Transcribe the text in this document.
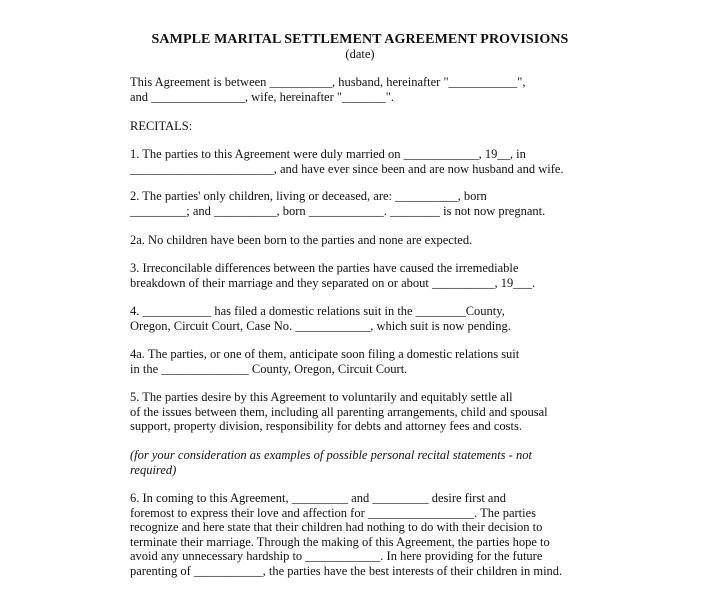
SAMPLE MARITAL SETTLEMENT AGREEMENT PROVISIONS
(date)
This Agreement is between __________, husband, hereinafter "___________",
and _______________, wife, hereinafter "_______".
RECITALS:
1. The parties to this Agreement were duly married on ____________, 19__, in
_______________________, and have ever since been and are now husband and wife.
2. The parties' only children, living or deceased, are: __________, born
_________; and __________, born ____________. ________ is not now pregnant.
2a. No children have been born to the parties and none are expected.
3. Irreconcilable differences between the parties have caused the irremediable
breakdown of their marriage and they separated on or about __________, 19___.
4. ___________ has filed a domestic relations suit in the ________County,
Oregon, Circuit Court, Case No. ____________, which suit is now pending.
4a. The parties, or one of them, anticipate soon filing a domestic relations suit
in the ______________ County, Oregon, Circuit Court.
5. The parties desire by this Agreement to voluntarily and equitably settle all
of the issues between them, including all parenting arrangements, child and spousal
support, property division, responsibility for debts and attorney fees and costs.
(for your consideration as examples of possible personal recital statements - not
required)
6. In coming to this Agreement, _________ and _________ desire first and
foremost to express their love and affection for _________________. The parties
recognize and here state that their children had nothing to do with their decision to
terminate their marriage. Through the making of this Agreement, the parties hope to
avoid any unnecessary hardship to ____________. In here providing for the future
parenting of ___________, the parties have the best interests of their children in mind.
